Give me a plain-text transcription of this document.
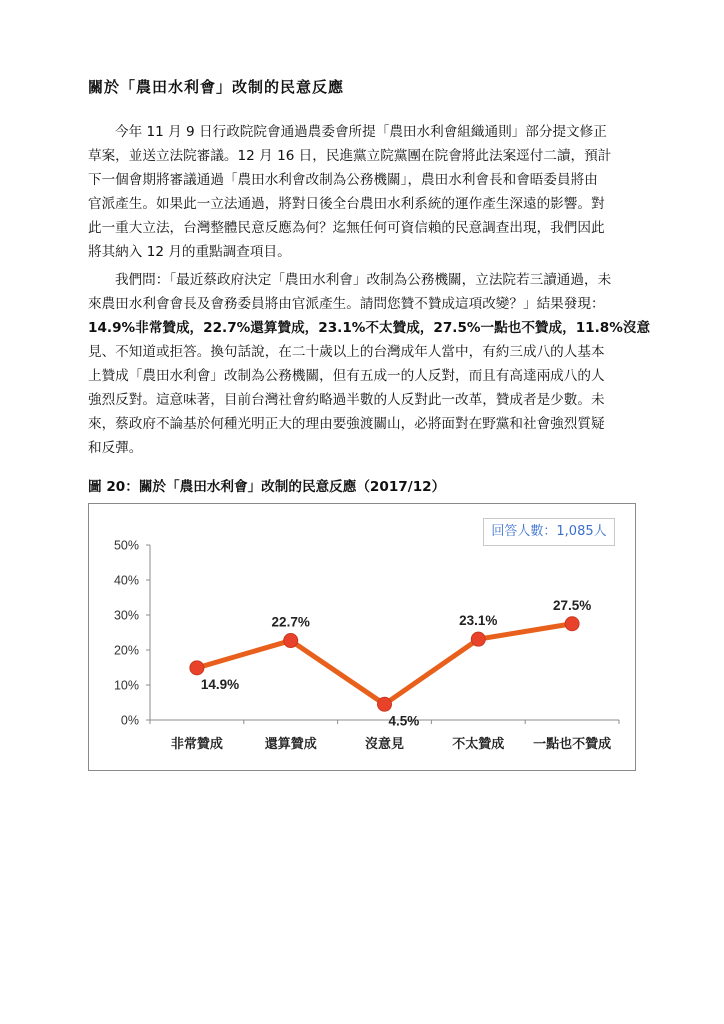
關於「農田水利會」改制的民意反應
今年 11 月 9 日行政院院會通過農委會所提「農田水利會組織通則」部分提文修正
草案，並送立法院審議。12 月 16 日，民進黨立院黨團在院會將此法案逕付二讀，預計
下一個會期將審議通過「農田水利會改制為公務機關」，農田水利會長和會晤委員將由
官派產生。如果此一立法通過，將對日後全台農田水利系統的運作產生深遠的影響。對
此一重大立法，台灣整體民意反應為何？迄無任何可資信賴的民意調查出現，我們因此
將其納入 12 月的重點調查項目。
我們問：「最近蔡政府決定「農田水利會」改制為公務機關，立法院若三讀通過，未
來農田水利會會長及會務委員將由官派產生。請問您贊不贊成這項改變？」結果發現：
14.9%非常贊成，22.7%還算贊成，23.1%不太贊成，27.5%一點也不贊成，11.8%沒意
見、不知道或拒答。換句話說，在二十歲以上的台灣成年人當中，有約三成八的人基本
上贊成「農田水利會」改制為公務機關，但有五成一的人反對，而且有高達兩成八的人
強烈反對。這意味著，目前台灣社會約略過半數的人反對此一改革，贊成者是少數。未
來，蔡政府不論基於何種光明正大的理由要強渡關山，必將面對在野黨和社會強烈質疑
和反彈。
圖 20：關於「農田水利會」改制的民意反應（2017/12）
0%
10%
20%
30%
40%
50%
非常贊成	還算贊成	沒意見	不太贊成 一點也不贊成
14.9%
22.7%
4.5%
23.1%
27.5%
回答人數：1,085人
